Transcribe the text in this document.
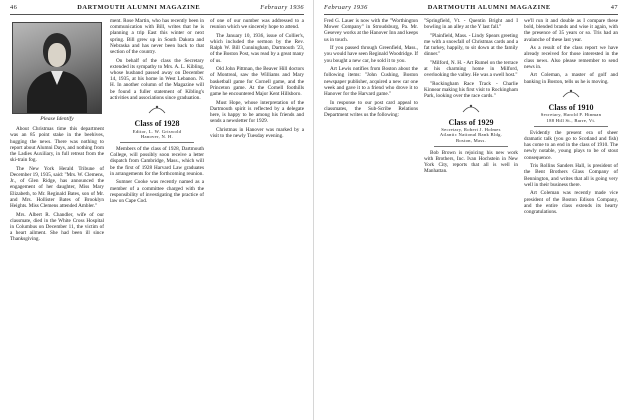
46	DARTMOUTH ALUMNI MAGAZINE	February 1936
Please Identify

About Christmas time this department was an 85 point stake in the beehives, hugging the news. There was nothing to report about Alumni Days, and nothing from the Ladies Auxiliary, in full retreat from the ski-train fog.

The New York Herald Tribune of December 19, 1935, said: "Mrs. W. Clemens, Jr., of Glen Ridge, has announced the engagement of her daughter, Miss Mary Elizabeth, to Mr. Reginald Bates, son of Mr. and Mrs. Hollister Bates of Brooklyn Heights. Miss Clemens attended Ambler."

Mrs. Albert R. Chandler, wife of our classmate, died in the White Cross Hospital in Columbus on December 11, the victim of a heart ailment. She had been ill since Thanksgiving.

ment. Rose Martin, who has recently been in communication with Bill, writes that he is planning a trip East this winter or next spring. Bill grew up in South Dakota and Nebraska and has never been back to that section of the country.

On behalf of the class the Secretary extended its sympathy to Mrs. A. L. Kibling, whose husband passed away on December 14, 1935, at his home in West Lebanon. N. H. In another column of the Magazine will be found a fuller statement of Kibling's activities and associations since graduation.

Class of 1928
Editor, L. W. Griswold
Hanover, N. H.

Members of the class of 1928, Dartmouth College, will possibly soon receive a letter dispatch from Cambridge, Mass., which will be the first of 1928 Harvard Law graduates in arrangements for the forthcoming reunion.

Sumner Cooke was recently named as a member of a committee charged with the responsibility of investigating the practice of law on Cape Cod.

of one of our number was addressed to a reunion which we sincerely hope to attend.

The January 10, 1936, issue of Collier's, which included the sermon by the Rev. Ralph W. Bill Cunningham, Dartmouth '23, of the Boston Post, was read by a great many of us.

Old John Pittman, the Beaver Hill doctors of Montreal, saw the Williams and Mary basketball game for Cornell game, and the Princeton game. At the Cornell foothills game he encountered Major Kent Hillsboro.

Must Hope, whose interpretation of the Dartmouth spirit is reflected by a delegate here, is happy to be among his friends and sends a newsletter for 1929.

Christmas in Hanover was marked by a visit to the newly Tuesday evening.

February 1936	DARTMOUTH ALUMNI MAGAZINE	47

Fred G. Lauer is now with the "Worthington Mower Company" in Stroudsburg, Pa. Mr. Gesevey works at the Hanover Inn and keeps us in touch.

If you passed through Greenfield, Mass., you would have seen Reginald Woodridge. If you bought a new car, he sold it to you.

Art Lewis notifies from Boston about the following items: "John Cushing, Boston newspaper publisher, acquired a new car one week and gave it to a friend who drove it to Hanover for the Harvard game."

In response to our post card appeal to classmates, the Sub-Scribe Relations Department writes us the following:

"Springfield, Vt. - Quentin Bright and I bowling in an alley at the Y last fall."

"Plainfield, Mass. - Lindy Spears greeting me with a snowfall of Christmas cards and a fat turkey, happily, to sit down at the family dinner."

"Milford, N. H. - Art Rumel on the terrace at his charming home in Milford, overlooking the valley. He was a swell host."

"Rockingham Race Track - Charlie Kinnear making his first visit to Rockingham Park, looking over the race cards."

Class of 1929
Secretary, Robert J. Holmes
Atlantic National Bank Bldg.
Boston, Mass.

Bob Brown is rejoicing his new work with Brothers, Inc. Ivan Hochstein in New York City, reports that all is well in Manhattan.

we'll run it and double as I compare these bold, blended brands and wise it again, with the presence of 35 years or so. Tris had an avalanche of these last year.

As a result of the class report we have already received for those interested in the class news. Also please remember to send news in.

Art Coleman, a master of golf and banking in Boston, tells us he is moving.

Class of 1910
Secretary, Harold P. Hinman
188 Hill St., Barre, Vt.

Evidently the present era of sheer dramatic talk (you go to Scotland and fish) has come to an end in the class of 1910. The newly notable, young plays to be of stout consequence.

Tris Rollins Sanders Hall, is president of the Bent Brothers Glass Company of Bennington, and writes that all is going very well in their business there.

Art Coleman was recently made vice president of the Boston Edison Company, and the entire class extends its hearty congratulations.
